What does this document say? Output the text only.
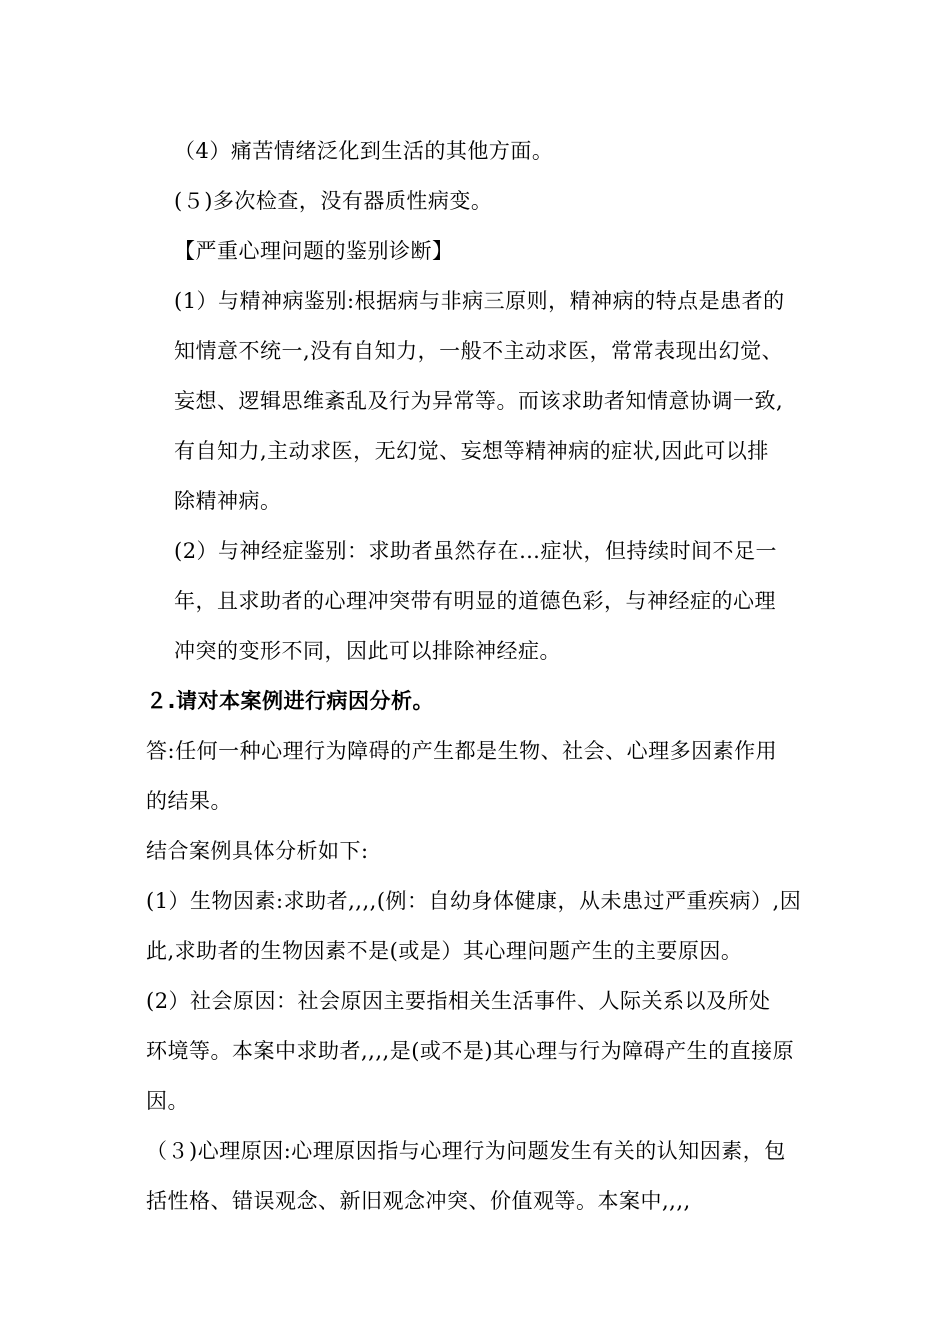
（4）痛苦情绪泛化到生活的其他方面。
(５)多次检查，没有器质性病变。
【严重心理问题的鉴别诊断】
(1）与精神病鉴别:根据病与非病三原则，精神病的特点是患者的
知情意不统一,没有自知力，一般不主动求医，常常表现出幻觉、
妄想、逻辑思维紊乱及行为异常等。而该求助者知情意协调一致,
有自知力,主动求医，无幻觉、妄想等精神病的症状,因此可以排
除精神病。
(2）与神经症鉴别：求助者虽然存在…症状，但持续时间不足一
年，且求助者的心理冲突带有明显的道德色彩，与神经症的心理
冲突的变形不同，因此可以排除神经症。
２.请对本案例进行病因分析。
答:任何一种心理行为障碍的产生都是生物、社会、心理多因素作用
的结果。
结合案例具体分析如下:
(1）生物因素:求助者,,,,(例：自幼身体健康，从未患过严重疾病）,因
此,求助者的生物因素不是(或是）其心理问题产生的主要原因。
(2）社会原因：社会原因主要指相关生活事件、人际关系以及所处
环境等。本案中求助者,,,,是(或不是)其心理与行为障碍产生的直接原
因。
（３)心理原因:心理原因指与心理行为问题发生有关的认知因素，包
括性格、错误观念、新旧观念冲突、价值观等。本案中,,,,
